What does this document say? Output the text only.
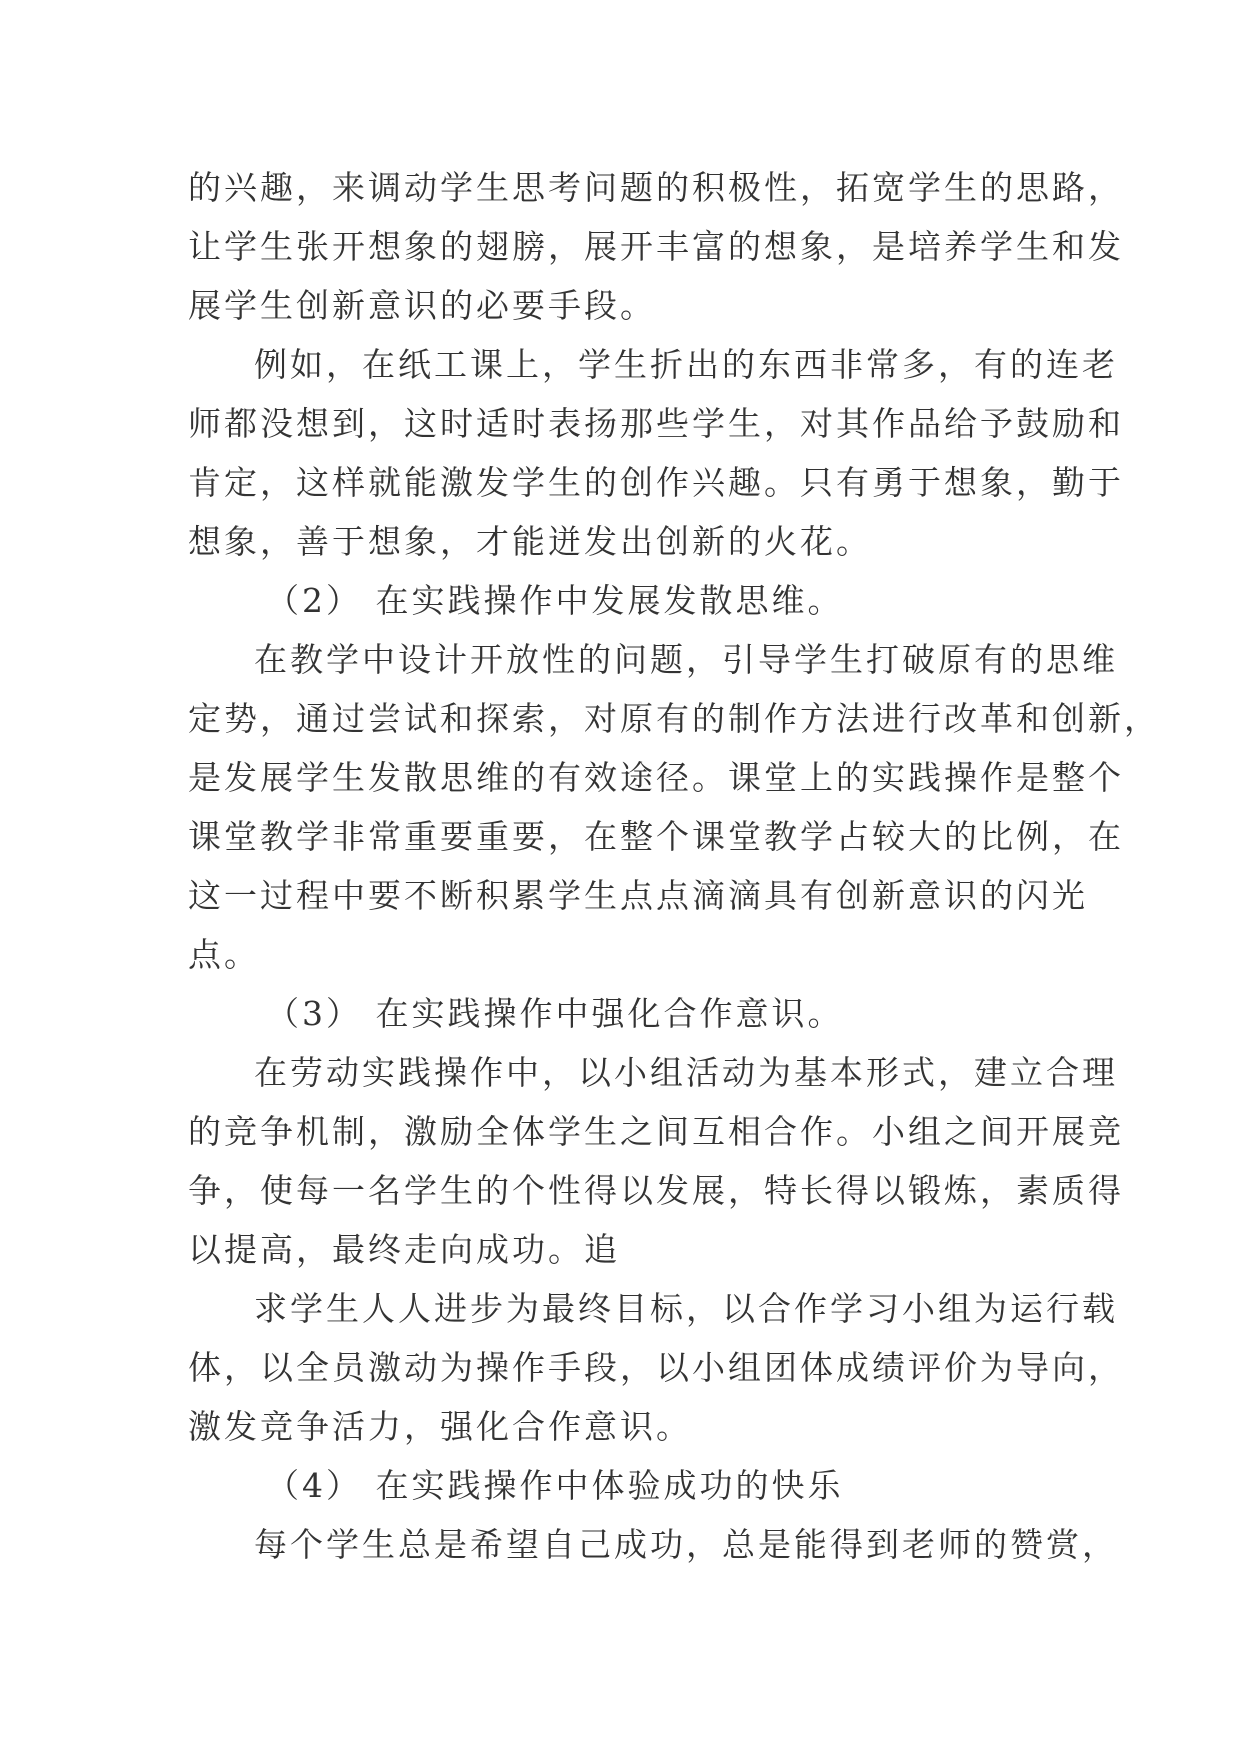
的兴趣，来调动学生思考问题的积极性，拓宽学生的思路，
让学生张开想象的翅膀，展开丰富的想象，是培养学生和发
展学生创新意识的必要手段。
例如，在纸工课上，学生折出的东西非常多，有的连老
师都没想到，这时适时表扬那些学生，对其作品给予鼓励和
肯定，这样就能激发学生的创作兴趣。只有勇于想象，勤于
想象，善于想象，才能迸发出创新的火花。
（2） 在实践操作中发展发散思维。
在教学中设计开放性的问题，引导学生打破原有的思维
定势，通过尝试和探索，对原有的制作方法进行改革和创新，
是发展学生发散思维的有效途径。课堂上的实践操作是整个
课堂教学非常重要重要，在整个课堂教学占较大的比例，在
这一过程中要不断积累学生点点滴滴具有创新意识的闪光
点。
（3） 在实践操作中强化合作意识。
在劳动实践操作中，以小组活动为基本形式，建立合理
的竞争机制，激励全体学生之间互相合作。小组之间开展竞
争，使每一名学生的个性得以发展，特长得以锻炼，素质得
以提高，最终走向成功。追
求学生人人进步为最终目标，以合作学习小组为运行载
体，以全员激动为操作手段，以小组团体成绩评价为导向，
激发竞争活力，强化合作意识。
（4） 在实践操作中体验成功的快乐
每个学生总是希望自己成功，总是能得到老师的赞赏，
